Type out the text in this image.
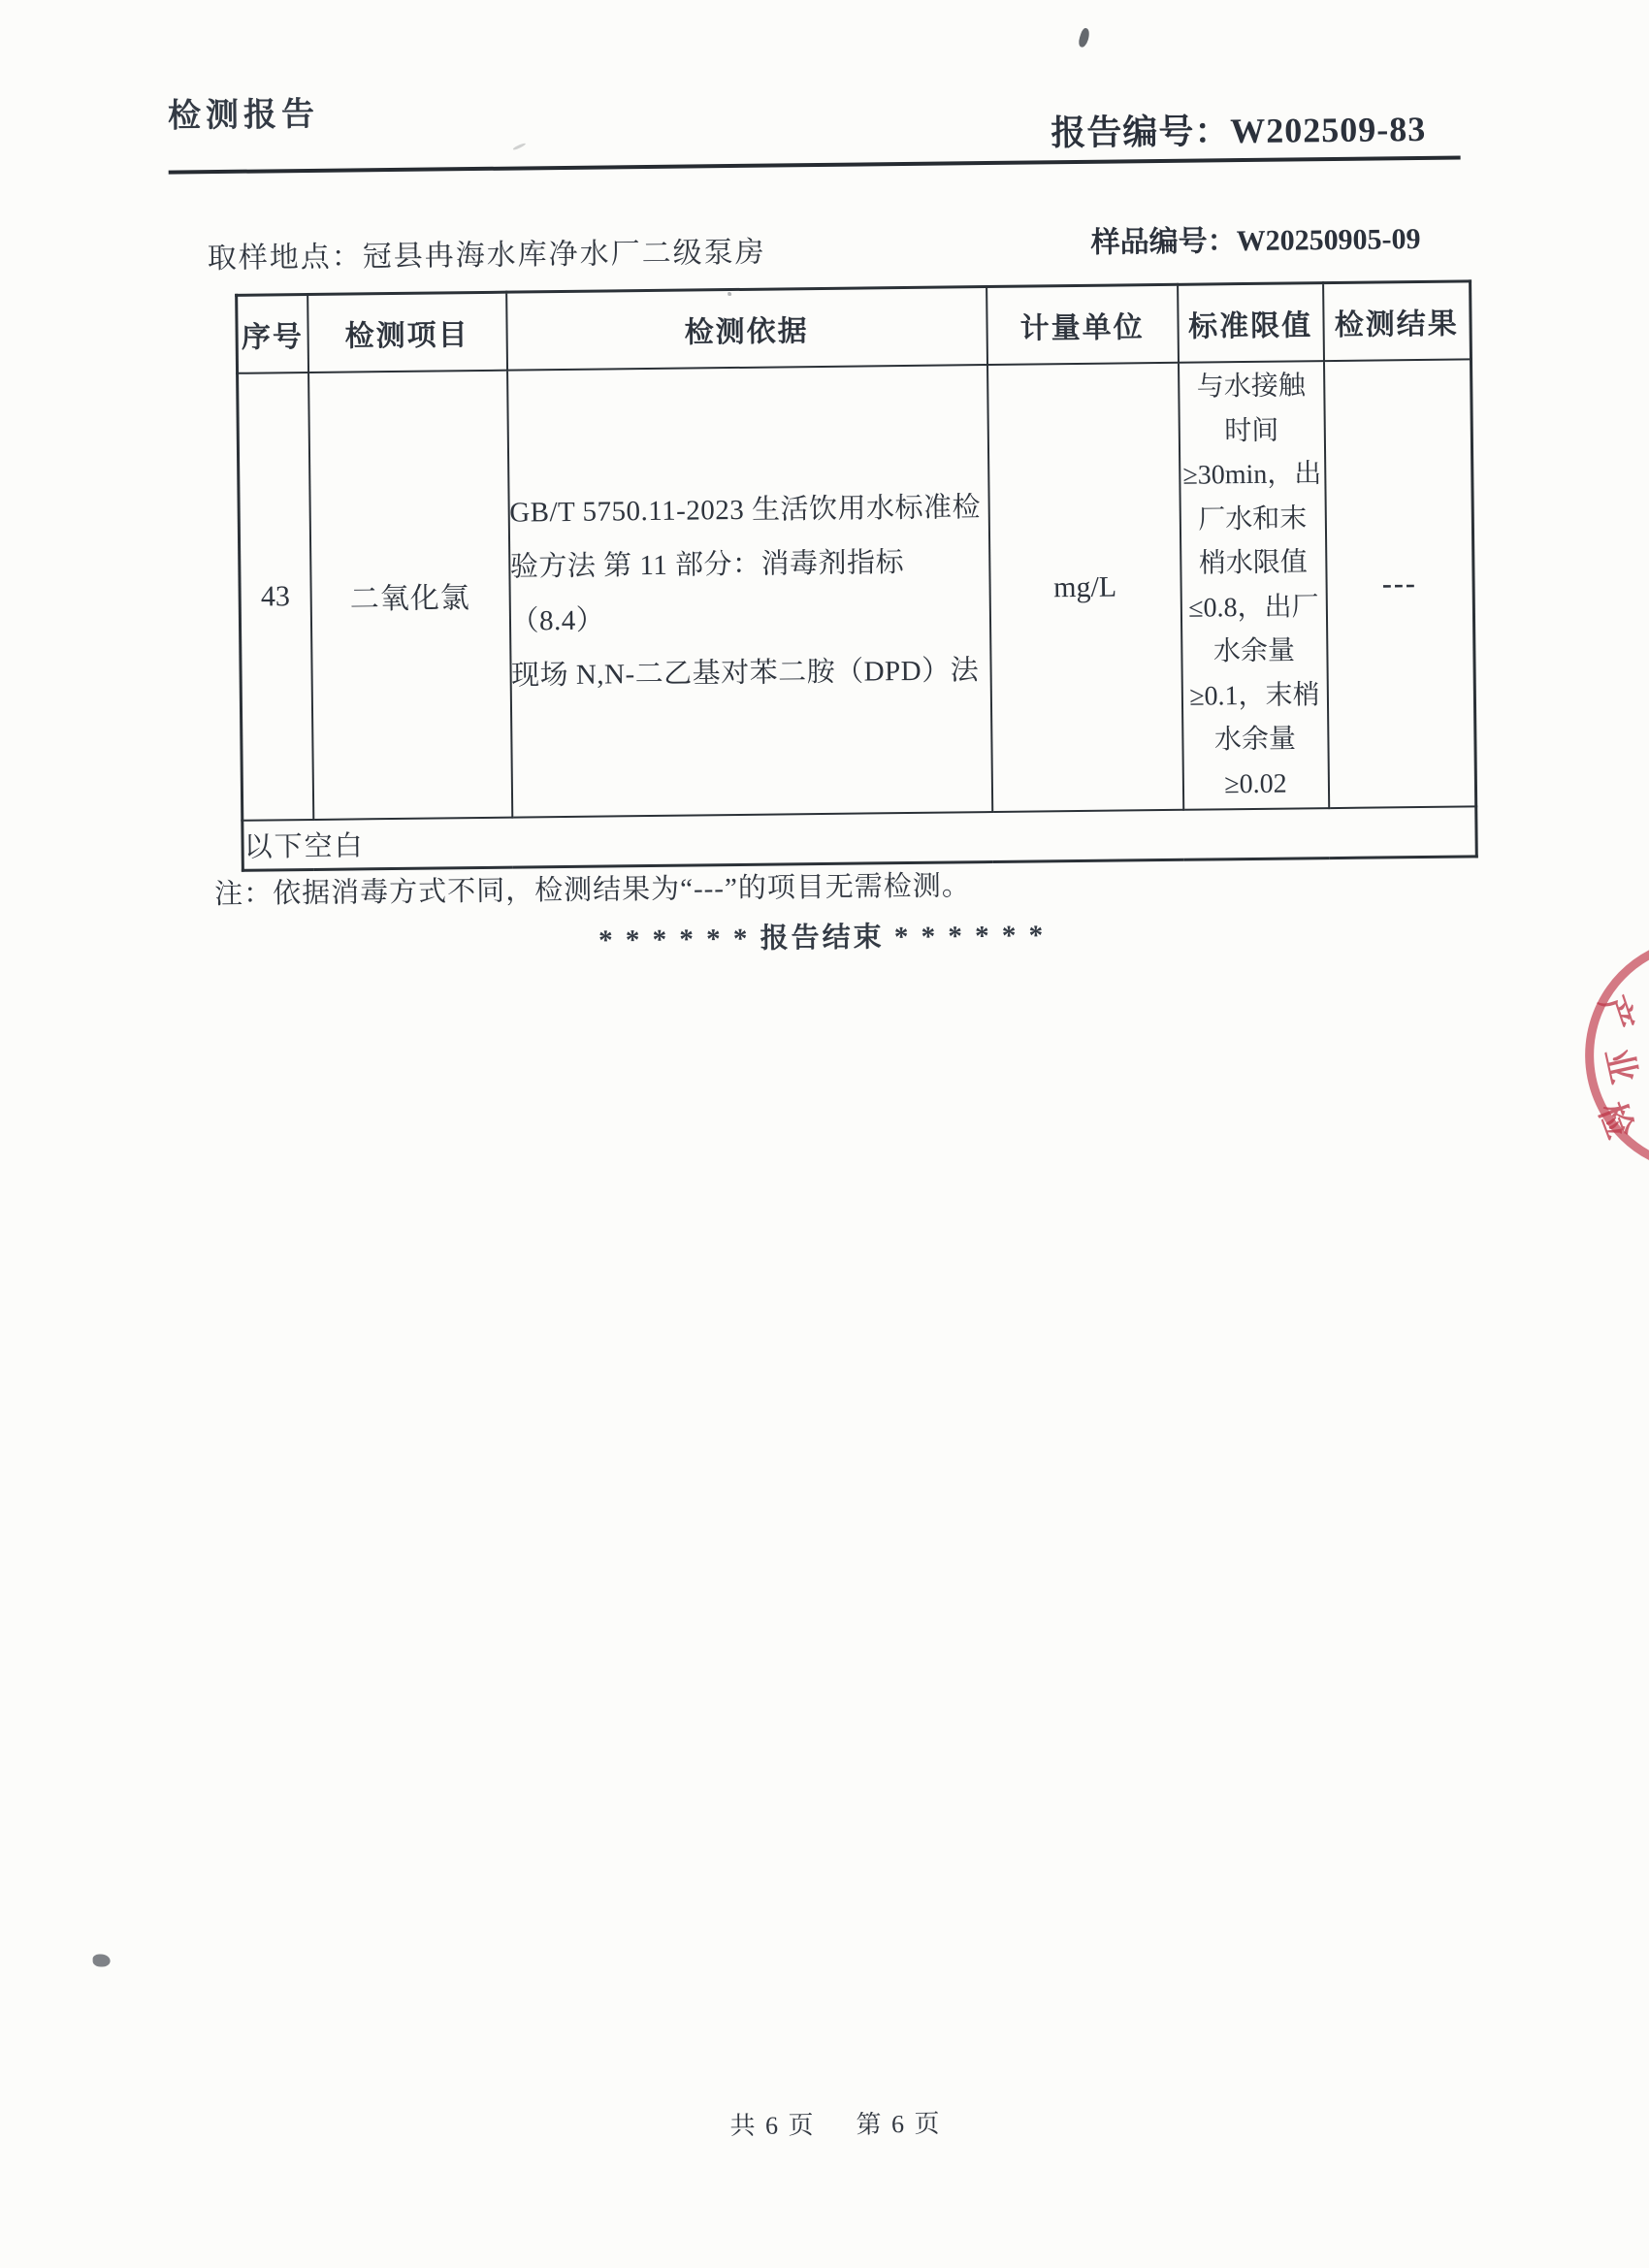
检测报告	报告编号：W202509-83
取样地点：冠县冉海水库净水厂二级泵房	样品编号：W20250905-09
序号	检测项目	检测依据	计量单位	标准限值	检测结果
43	二氧化氯	GB/T 5750.11-2023 生活饮用水标准检
验方法 第 11 部分：消毒剂指标（8.4）
现场 N,N-二乙基对苯二胺（DPD）法	mg/L	与水接触
时间
≥30min，出
厂水和末
梢水限值
≤0.8，出厂
水余量
≥0.1，末梢
水余量
≥0.02	---
以下空白					
注：依据消毒方式不同，检测结果为“---”的项目无需检测。
* * * * * * 报告结束 * * * * * *
共 6 页 第 6 页
产
业
检
